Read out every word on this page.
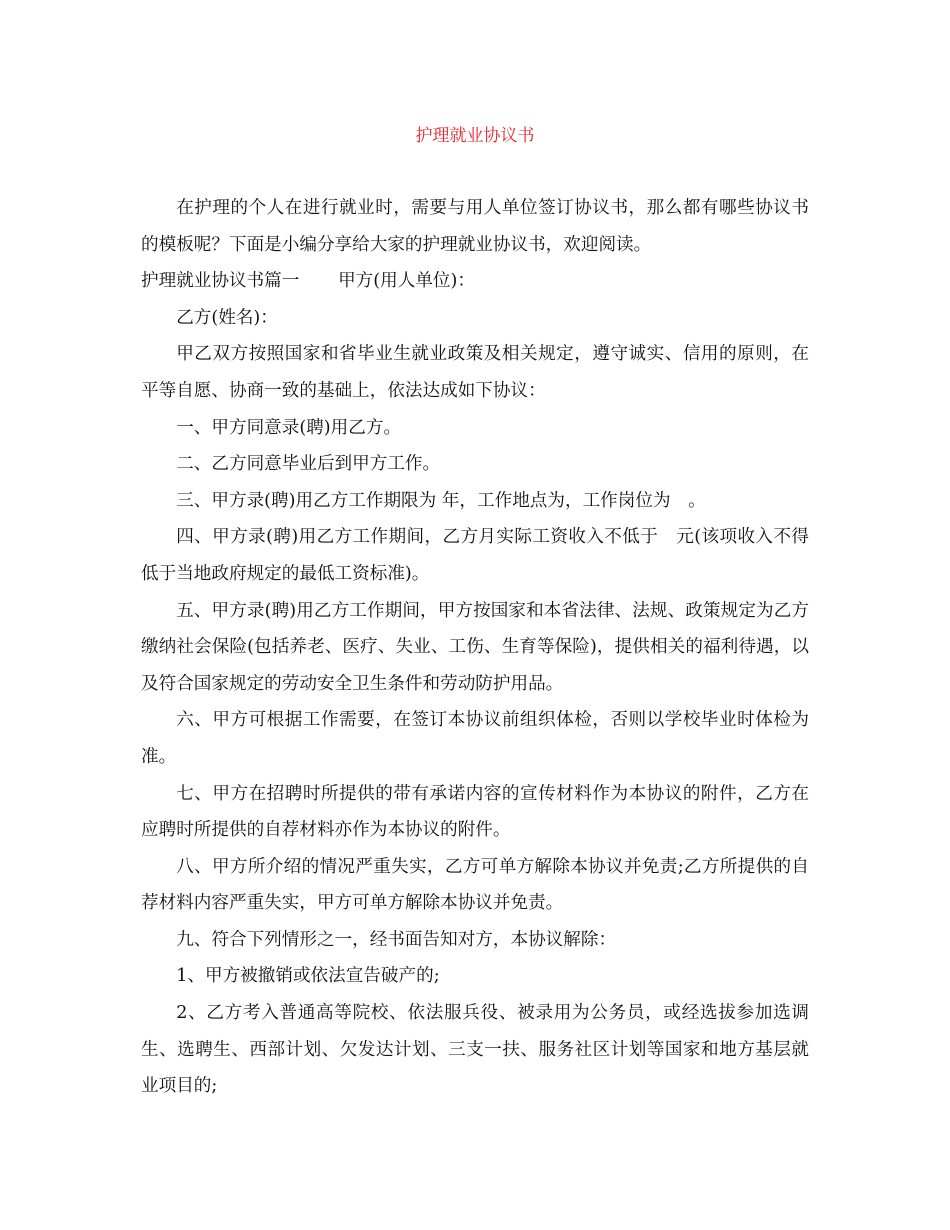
护理就业协议书

在护理的个人在进行就业时，需要与用人单位签订协议书，那么都有哪些协议书的模板呢？下面是小编分享给大家的护理就业协议书，欢迎阅读。

护理就业协议书篇一 甲方(用人单位)：

乙方(姓名)：

甲乙双方按照国家和省毕业生就业政策及相关规定，遵守诚实、信用的原则，在平等自愿、协商一致的基础上，依法达成如下协议：

一、甲方同意录(聘)用乙方。

二、乙方同意毕业后到甲方工作。

三、甲方录(聘)用乙方工作期限为 年，工作地点为，工作岗位为　。

四、甲方录(聘)用乙方工作期间，乙方月实际工资收入不低于　元(该项收入不得低于当地政府规定的最低工资标准)。

五、甲方录(聘)用乙方工作期间，甲方按国家和本省法律、法规、政策规定为乙方缴纳社会保险(包括养老、医疗、失业、工伤、生育等保险)，提供相关的福利待遇，以及符合国家规定的劳动安全卫生条件和劳动防护用品。

六、甲方可根据工作需要，在签订本协议前组织体检，否则以学校毕业时体检为准。

七、甲方在招聘时所提供的带有承诺内容的宣传材料作为本协议的附件，乙方在应聘时所提供的自荐材料亦作为本协议的附件。

八、甲方所介绍的情况严重失实，乙方可单方解除本协议并免责;乙方所提供的自荐材料内容严重失实，甲方可单方解除本协议并免责。

九、符合下列情形之一，经书面告知对方，本协议解除：

1、甲方被撤销或依法宣告破产的;

2、乙方考入普通高等院校、依法服兵役、被录用为公务员，或经选拔参加选调生、选聘生、西部计划、欠发达计划、三支一扶、服务社区计划等国家和地方基层就业项目的;
